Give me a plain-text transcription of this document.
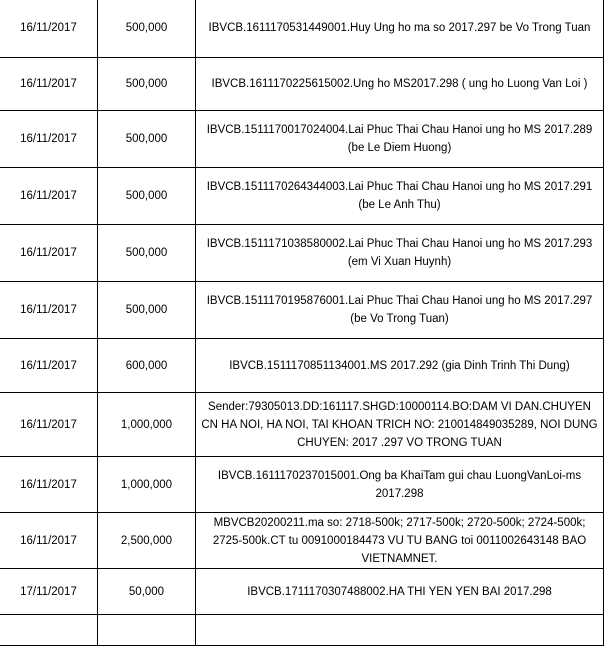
16/11/2017	500,000	IBVCB.1611170531449001.Huy Ung ho ma so 2017.297 be Vo Trong Tuan
16/11/2017	500,000	IBVCB.1611170225615002.Ung ho MS2017.298 ( ung ho Luong Van Loi )
16/11/2017	500,000	IBVCB.1511170017024004.Lai Phuc Thai Chau Hanoi ung ho MS 2017.289 (be Le Diem Huong)
16/11/2017	500,000	IBVCB.1511170264344003.Lai Phuc Thai Chau Hanoi ung ho MS 2017.291 (be Le Anh Thu)
16/11/2017	500,000	IBVCB.1511171038580002.Lai Phuc Thai Chau Hanoi ung ho MS 2017.293 (em Vi Xuan Huynh)
16/11/2017	500,000	IBVCB.1511170195876001.Lai Phuc Thai Chau Hanoi ung ho MS 2017.297 (be Vo Trong Tuan)
16/11/2017	600,000	IBVCB.1511170851134001.MS 2017.292 (gia Dinh Trinh Thi Dung)
16/11/2017	1,000,000	Sender:79305013.DD:161117.SHGD:10000114.BO:DAM VI DAN.CHUYEN CN HA NOI, HA NOI, TAI KHOAN TRICH NO: 210014849035289, NOI DUNG CHUYEN: 2017 .297 VO TRONG TUAN
16/11/2017	1,000,000	IBVCB.1611170237015001.Ong ba KhaiTam gui chau LuongVanLoi-ms 2017.298
16/11/2017	2,500,000	MBVCB20200211.ma so: 2718-500k; 2717-500k; 2720-500k; 2724-500k; 2725-500k.CT tu 0091000184473 VU TU BANG toi 0011002643148 BAO VIETNAMNET.
17/11/2017	50,000	IBVCB.1711170307488002.HA THI YEN YEN BAI 2017.298
